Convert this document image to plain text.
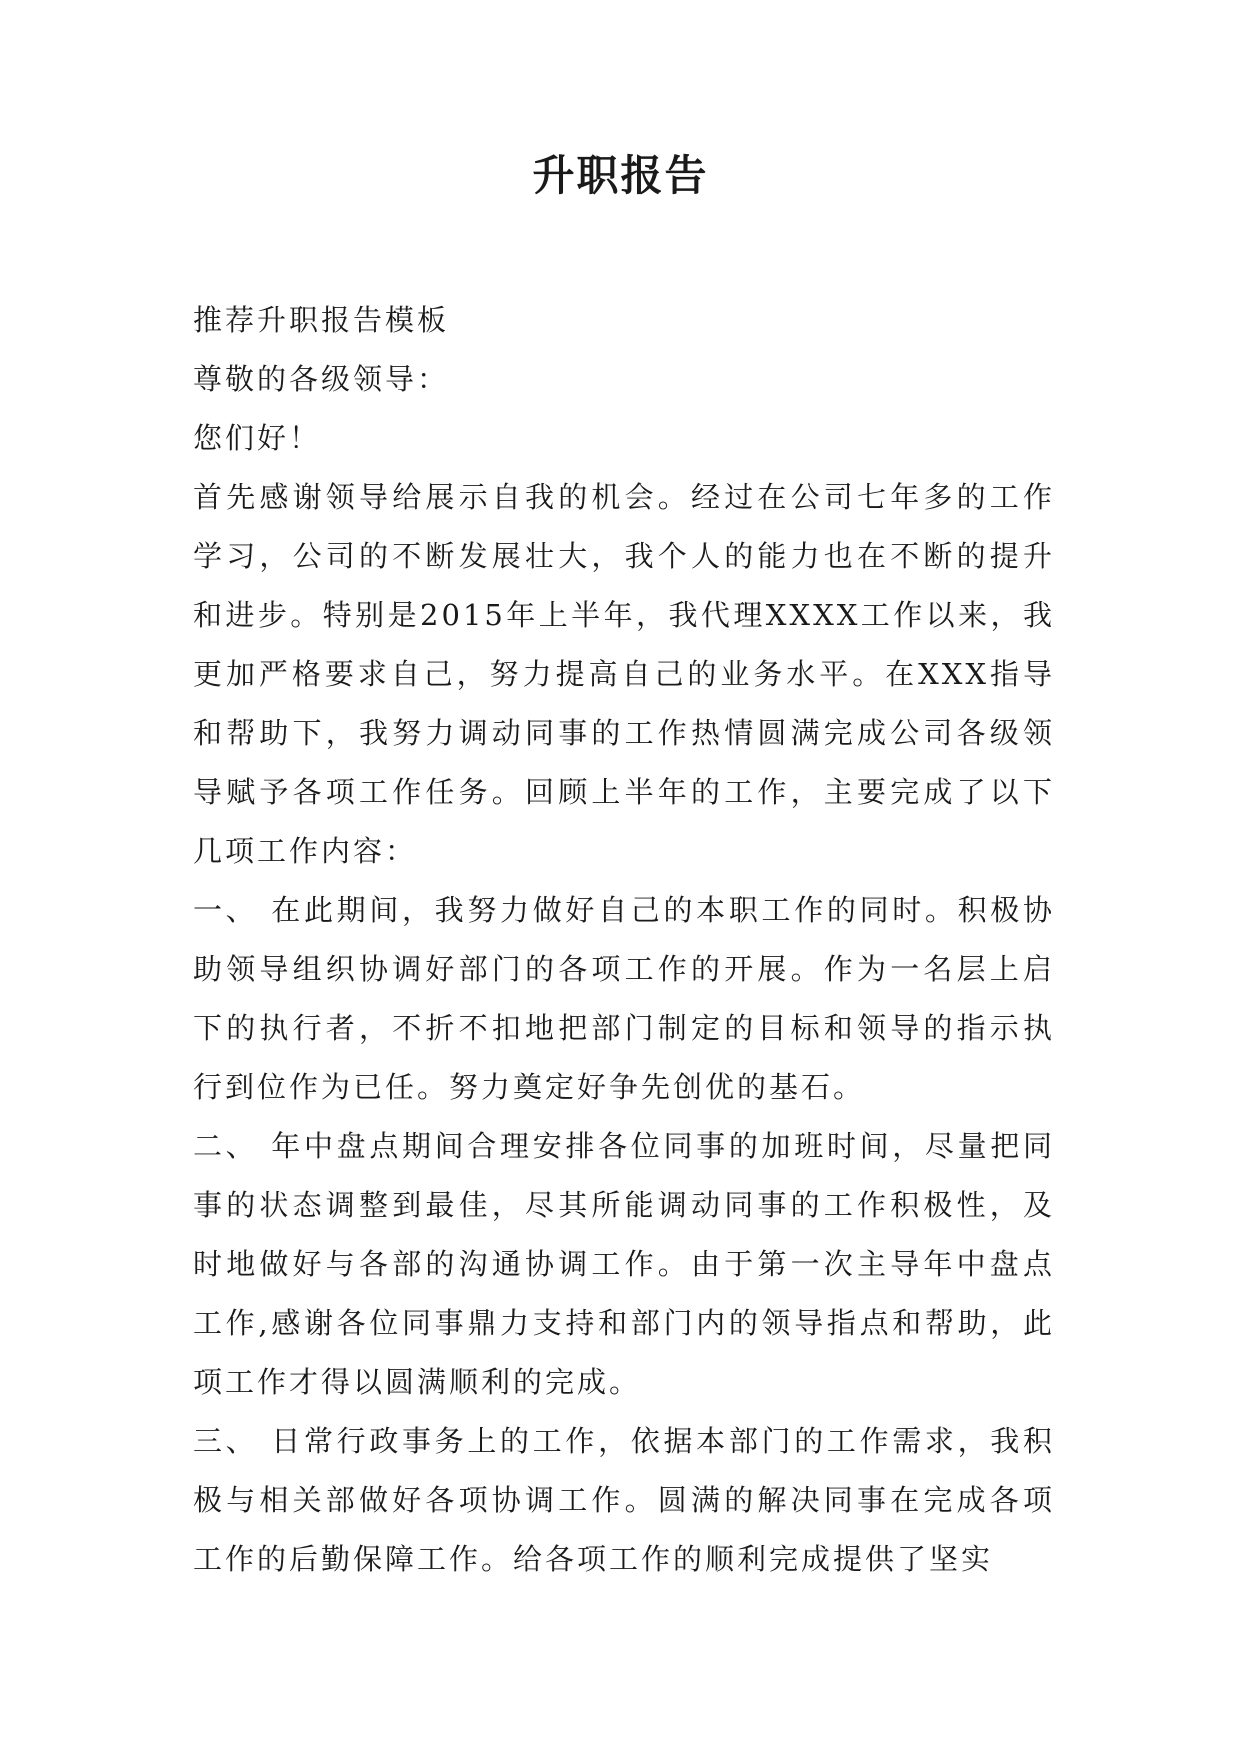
升职报告

推荐升职报告模板

尊敬的各级领导：

您们好！

首先感谢领导给展示自我的机会。经过在公司七年多的工作学习，公司的不断发展壮大，我个人的能力也在不断的提升和进步。特别是2015年上半年，我代理XXXX工作以来，我更加严格要求自己，努力提高自己的业务水平。在XXX指导和帮助下，我努力调动同事的工作热情圆满完成公司各级领导赋予各项工作任务。回顾上半年的工作，主要完成了以下几项工作内容：

一、 在此期间，我努力做好自己的本职工作的同时。积极协助领导组织协调好部门的各项工作的开展。作为一名层上启下的执行者，不折不扣地把部门制定的目标和领导的指示执行到位作为已任。努力奠定好争先创优的基石。

二、 年中盘点期间合理安排各位同事的加班时间，尽量把同事的状态调整到最佳，尽其所能调动同事的工作积极性，及时地做好与各部的沟通协调工作。由于第一次主导年中盘点工作,感谢各位同事鼎力支持和部门内的领导指点和帮助，此项工作才得以圆满顺利的完成。

三、 日常行政事务上的工作，依据本部门的工作需求，我积极与相关部做好各项协调工作。圆满的解决同事在完成各项工作的后勤保障工作。给各项工作的顺利完成提供了坚实
